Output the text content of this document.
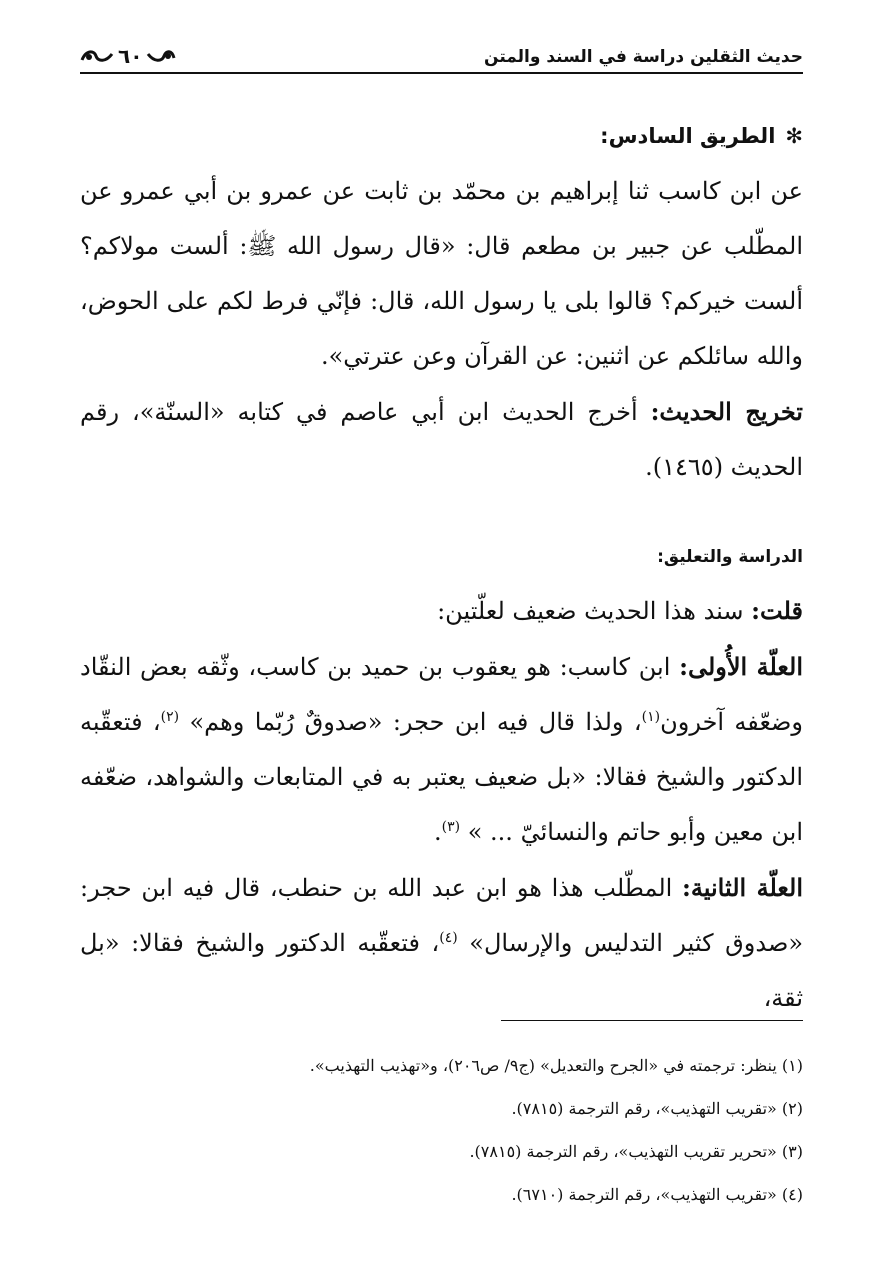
حديث الثقلين دراسة في السند والمتن
٦٠
✻الطريق السادس:

عن ابن كاسب ثنا إبراهيم بن محمّد بن ثابت عن عمرو بن أبي عمرو عن المطّلب عن جبير بن مطعم قال: «قال رسول الله ﷺ: ألست مولاكم؟ ألست خيركم؟ قالوا بلى يا رسول الله، قال: فإنّي فرط لكم على الحوض، والله سائلكم عن اثنين: عن القرآن وعن عترتي».

تخريج الحديث: أخرج الحديث ابن أبي عاصم في كتابه «السنّة»، رقم الحديث (١٤٦٥).

الدراسة والتعليق:

قلت: سند هذا الحديث ضعيف لعلّتين:

العلّة الأُولى: ابن كاسب: هو يعقوب بن حميد بن كاسب، وثّقه بعض النقّاد وضعّفه آخرون$^{(١)}$، ولذا قال فيه ابن حجر: «صدوقٌ رُبّما وهم» $^{(٢)}$، فتعقّبه الدكتور والشيخ فقالا: «بل ضعيف يعتبر به في المتابعات والشواهد، ضعّفه ابن معين وأبو حاتم والنسائيّ ... » $^{(٣)}$.

العلّة الثانية: المطّلب هذا هو ابن عبد الله بن حنطب، قال فيه ابن حجر: «صدوق كثير التدليس والإرسال» $^{(٤)}$، فتعقّبه الدكتور والشيخ فقالا: «بل ثقة،

(١) ينظر: ترجمته في «الجرح والتعديل» (ج٩/ ص٢٠٦)، و«تهذيب التهذيب».

(٢) «تقريب التهذيب»، رقم الترجمة (٧٨١٥).

(٣) «تحرير تقريب التهذيب»، رقم الترجمة (٧٨١٥).

(٤) «تقريب التهذيب»، رقم الترجمة (٦٧١٠).
